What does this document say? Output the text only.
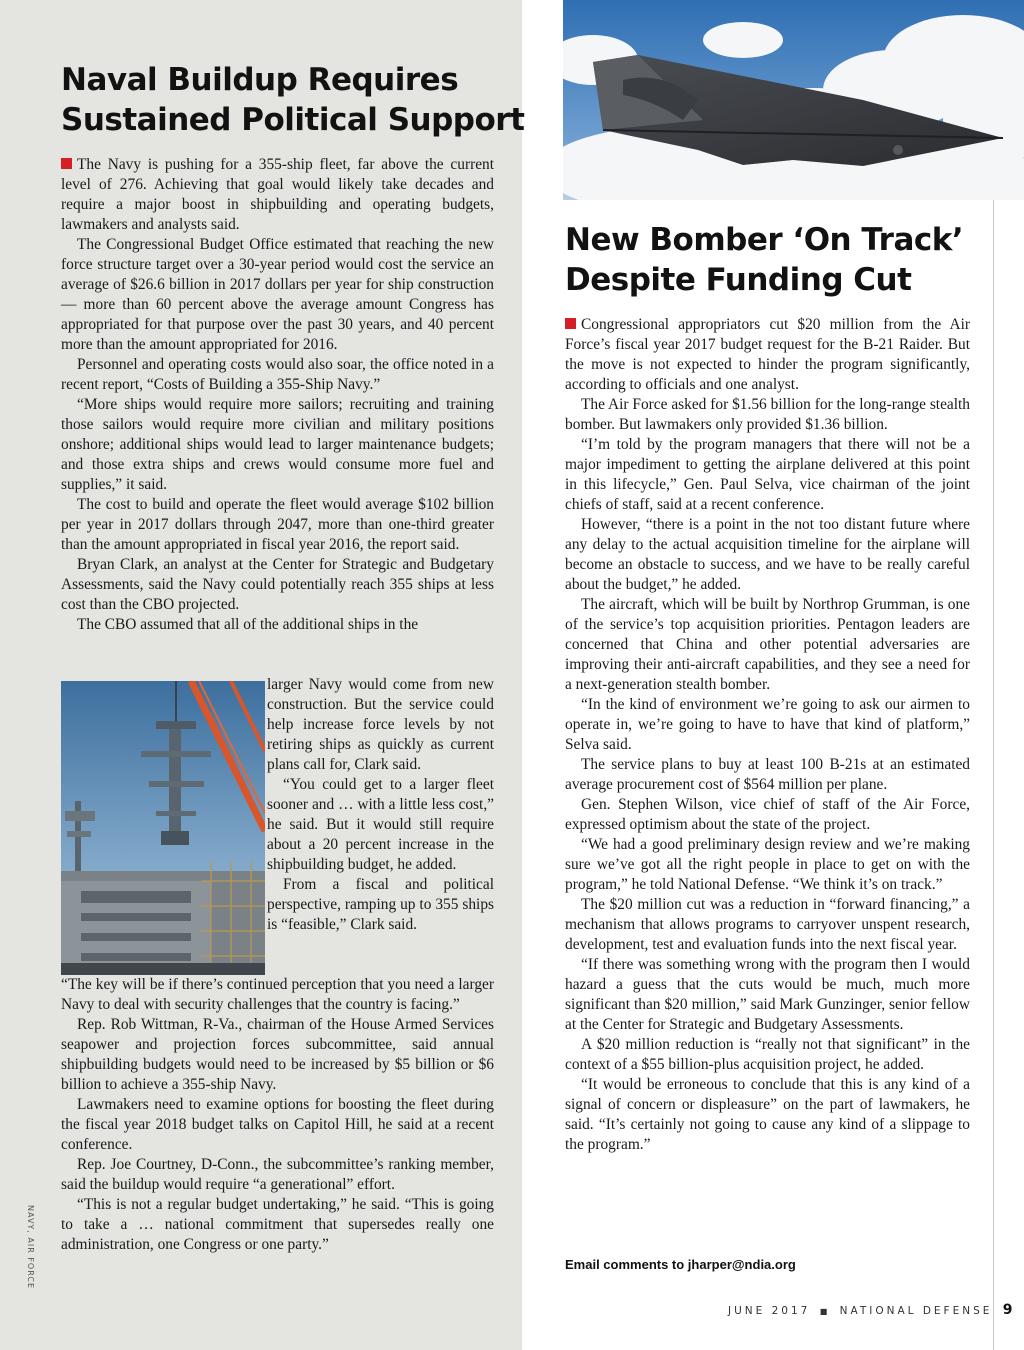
Naval Buildup Requires
Sustained Political Support

The Navy is pushing for a 355-ship fleet, far above the current level of 276. Achieving that goal would likely take decades and require a major boost in shipbuilding and operating budgets, lawmakers and analysts said.

The Congressional Budget Office estimated that reaching the new force structure target over a 30-year period would cost the service an average of $26.6 billion in 2017 dollars per year for ship construction — more than 60 percent above the average amount Congress has appropriated for that purpose over the past 30 years, and 40 percent more than the amount appropriated for 2016.

Personnel and operating costs would also soar, the office noted in a recent report, “Costs of Building a 355-Ship Navy.”

“More ships would require more sailors; recruiting and training those sailors would require more civilian and military positions onshore; additional ships would lead to larger maintenance budgets; and those extra ships and crews would consume more fuel and supplies,” it said.

The cost to build and operate the fleet would average $102 billion per year in 2017 dollars through 2047, more than one-third greater than the amount appropriated in fiscal year 2016, the report said.

Bryan Clark, an analyst at the Center for Strategic and Budgetary Assessments, said the Navy could potentially reach 355 ships at less cost than the CBO projected.

The CBO assumed that all of the additional ships in the

larger Navy would come from new construction. But the service could help increase force levels by not retiring ships as quickly as current plans call for, Clark said.

“You could get to a larger fleet sooner and … with a little less cost,” he said. But it would still require about a 20 percent increase in the shipbuilding budget, he added.

From a fiscal and political perspective, ramping up to 355 ships is “feasible,” Clark said.

“The key will be if there’s continued perception that you need a larger Navy to deal with security challenges that the country is facing.”

Rep. Rob Wittman, R-Va., chairman of the House Armed Services seapower and projection forces subcommittee, said annual shipbuilding budgets would need to be increased by $5 billion or $6 billion to achieve a 355-ship Navy.

Lawmakers need to examine options for boosting the fleet during the fiscal year 2018 budget talks on Capitol Hill, he said at a recent conference.

Rep. Joe Courtney, D-Conn., the subcommittee’s ranking member, said the buildup would require “a generational” effort.

“This is not a regular budget undertaking,” he said. “This is going to take a … national commitment that supersedes really one administration, one Congress or one party.”

NAVY, AIR FORCE
New Bomber ‘On Track’
Despite Funding Cut

Congressional appropriators cut $20 million from the Air Force’s fiscal year 2017 budget request for the B-21 Raider. But the move is not expected to hinder the program significantly, according to officials and one analyst.

The Air Force asked for $1.56 billion for the long-range stealth bomber. But lawmakers only provided $1.36 billion.

“I’m told by the program managers that there will not be a major impediment to getting the airplane delivered at this point in this lifecycle,” Gen. Paul Selva, vice chairman of the joint chiefs of staff, said at a recent conference.

However, “there is a point in the not too distant future where any delay to the actual acquisition timeline for the airplane will become an obstacle to success, and we have to be really careful about the budget,” he added.

The aircraft, which will be built by Northrop Grumman, is one of the service’s top acquisition priorities. Pentagon leaders are concerned that China and other potential adversaries are improving their anti-aircraft capabilities, and they see a need for a next-generation stealth bomber.

“In the kind of environment we’re going to ask our airmen to operate in, we’re going to have to have that kind of platform,” Selva said.

The service plans to buy at least 100 B-21s at an estimated average procurement cost of $564 million per plane.

Gen. Stephen Wilson, vice chief of staff of the Air Force, expressed optimism about the state of the project.

“We had a good preliminary design review and we’re making sure we’ve got all the right people in place to get on with the program,” he told National Defense. “We think it’s on track.”

The $20 million cut was a reduction in “forward financing,” a mechanism that allows programs to carryover unspent research, development, test and evaluation funds into the next fiscal year.

“If there was something wrong with the program then I would hazard a guess that the cuts would be much, much more significant than $20 million,” said Mark Gunzinger, senior fellow at the Center for Strategic and Budgetary Assessments.

A $20 million reduction is “really not that significant” in the context of a $55 billion-plus acquisition project, he added.

“It would be erroneous to conclude that this is any kind of a signal of concern or displeasure” on the part of lawmakers, he said. “It’s certainly not going to cause any kind of a slippage to the program.”

Email comments to jharper@ndia.org
JUNE 2017 ■ NATIONAL DEFENSE 9
